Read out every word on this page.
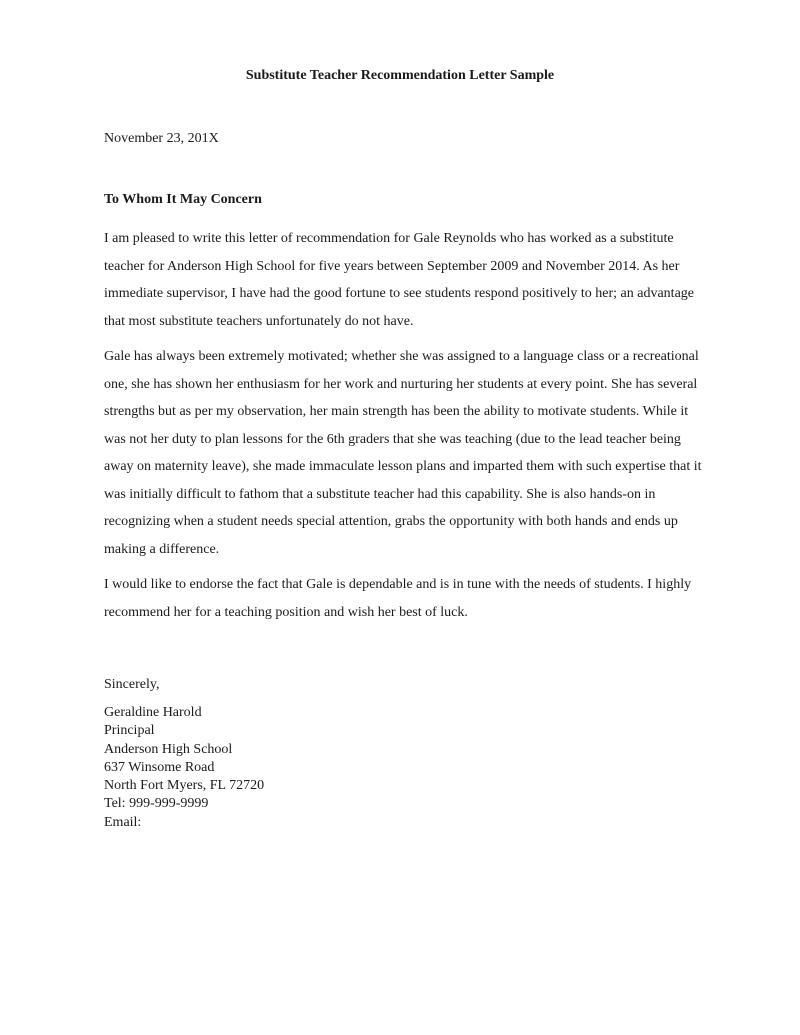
Substitute Teacher Recommendation Letter Sample

November 23, 201X

To Whom It May Concern

I am pleased to write this letter of recommendation for Gale Reynolds who has worked as a substitute teacher for Anderson High School for five years between September 2009 and November 2014. As her immediate supervisor, I have had the good fortune to see students respond positively to her; an advantage that most substitute teachers unfortunately do not have.

Gale has always been extremely motivated; whether she was assigned to a language class or a recreational one, she has shown her enthusiasm for her work and nurturing her students at every point. She has several strengths but as per my observation, her main strength has been the ability to motivate students. While it was not her duty to plan lessons for the 6th graders that she was teaching (due to the lead teacher being away on maternity leave), she made immaculate lesson plans and imparted them with such expertise that it was initially difficult to fathom that a substitute teacher had this capability. She is also hands-on in recognizing when a student needs special attention, grabs the opportunity with both hands and ends up making a difference.

I would like to endorse the fact that Gale is dependable and is in tune with the needs of students. I highly recommend her for a teaching position and wish her best of luck.

Sincerely,

Geraldine Harold
Principal
Anderson High School
637 Winsome Road
North Fort Myers, FL 72720
Tel: 999-999-9999
Email:
